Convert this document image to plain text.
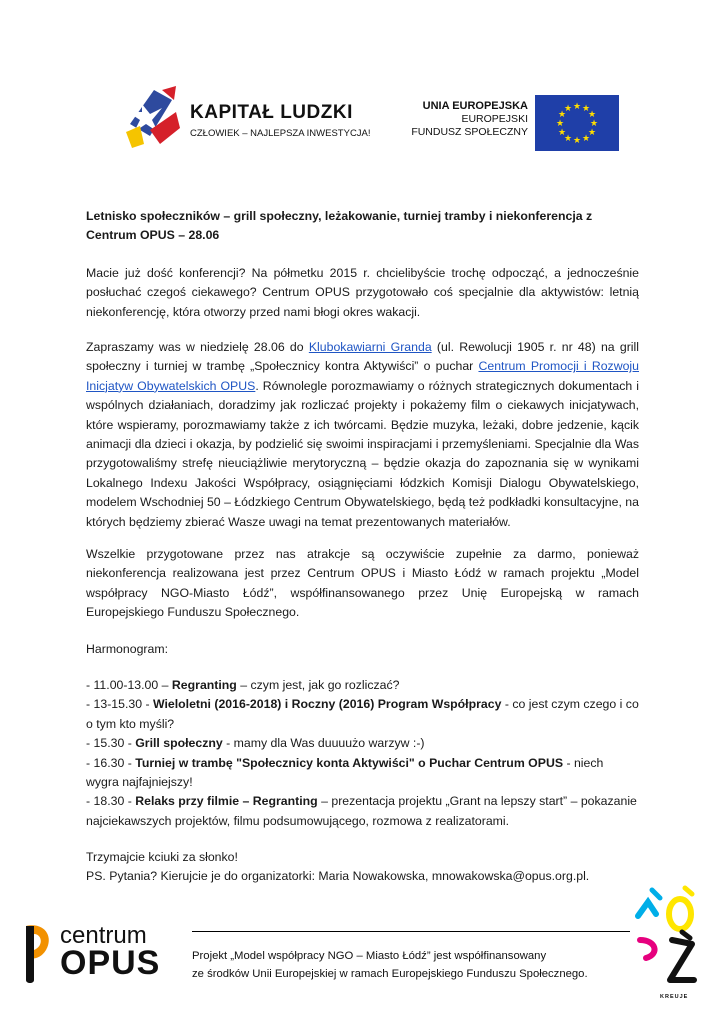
KAPITAŁ LUDZKI
CZŁOWIEK – NAJLEPSZA INWESTYCJA!
UNIA EUROPEJSKA
EUROPEJSKI
FUNDUSZ SPOŁECZNY
★ ★
★
★
★
★
★
★
★
★
★
★
Letnisko społeczników – grill społeczny, leżakowanie, turniej tramby i niekonferencja z Centrum OPUS – 28.06
Macie już dość konferencji? Na półmetku 2015 r. chcielibyście trochę odpocząć, a jednocześnie posłuchać czegoś ciekawego? Centrum OPUS przygotowało coś specjalnie dla aktywistów: letnią niekonferencję, która otworzy przed nami błogi okres wakacji.
Zapraszamy was w niedzielę 28.06 do Klubokawiarni Granda (ul. Rewolucji 1905 r. nr 48) na grill społeczny i turniej w trambę „Społecznicy kontra Aktywiści” o puchar Centrum Promocji i Rozwoju Inicjatyw Obywatelskich OPUS. Równolegle porozmawiamy o różnych strategicznych dokumentach i wspólnych działaniach, doradzimy jak rozliczać projekty i pokażemy film o ciekawych inicjatywach, które wspieramy, porozmawiamy także z ich twórcami. Będzie muzyka, leżaki, dobre jedzenie, kącik animacji dla dzieci i okazja, by podzielić się swoimi inspiracjami i przemyśleniami. Specjalnie dla Was przygotowaliśmy strefę nieuciążliwie merytoryczną – będzie okazja do zapoznania się w wynikami Lokalnego Indexu Jakości Współpracy, osiągnięciami łódzkich Komisji Dialogu Obywatelskiego, modelem Wschodniej 50 – Łódzkiego Centrum Obywatelskiego, będą też podkładki konsultacyjne, na których będziemy zbierać Wasze uwagi na temat prezentowanych materiałów.
Wszelkie przygotowane przez nas atrakcje są oczywiście zupełnie za darmo, ponieważ niekonferencja realizowana jest przez Centrum OPUS i Miasto Łódź w ramach projektu „Model współpracy NGO-Miasto Łódź”, współfinansowanego przez Unię Europejską w ramach Europejskiego Funduszu Społecznego.
Harmonogram:
- 11.00-13.00 – Regranting – czym jest, jak go rozliczać?
- 13-15.30 - Wieloletni (2016-2018) i Roczny (2016) Program Współpracy - co jest czym czego i co o tym kto myśli?
- 15.30 - Grill społeczny - mamy dla Was duuuużo warzyw :-)
- 16.30 - Turniej w trambę "Społecznicy konta Aktywiści" o Puchar Centrum OPUS - niech wygra najfajniejszy!
- 18.30 - Relaks przy filmie – Regranting – prezentacja projektu „Grant na lepszy start” – pokazanie najciekawszych projektów, filmu podsumowującego, rozmowa z realizatorami.
Trzymajcie kciuki za słonko!
PS. Pytania? Kierujcie je do organizatorki: Maria Nowakowska, mnowakowska@opus.org.pl.
centrum
OPUS	Projekt „Model współpracy NGO – Miasto Łódź” jest współfinansowany
ze środków Unii Europejskiej w ramach Europejskiego Funduszu Społecznego.
KREUJE
